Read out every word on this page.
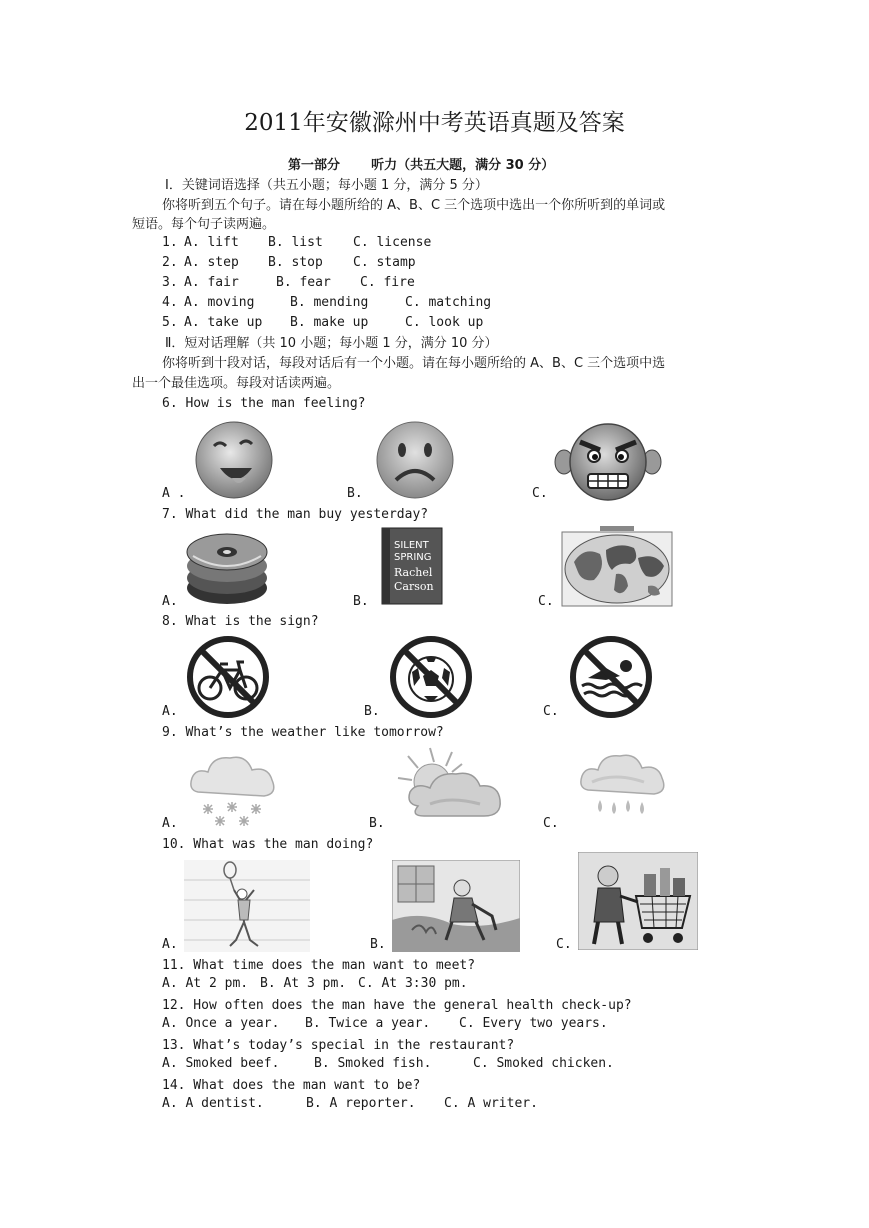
2011年安徽滁州中考英语真题及答案
第一部分 听力（共五大题，满分 30 分）
Ⅰ．关键词语选择（共五小题；每小题 1 分，满分 5 分）
你将听到五个句子。请在每小题所给的 A、B、C 三个选项中选出一个你所听到的单词或
短语。每个句子读两遍。
1. A. lift B. list C. license
2. A. step B. stop C. stamp
3. A. fair	B. fear C. fire
4. A. moving	B. mending	C. matching
5. A. take up B. make up	C. look up
Ⅱ．短对话理解（共 10 小题；每小题 1 分，满分 10 分）
你将听到十段对话，每段对话后有一个小题。请在每小题所给的 A、B、C 三个选项中选
出一个最佳选项。每段对话读两遍。
6. How is the man feeling?
A .	B.	C.
7. What did the man buy yesterday?
SILENT
SPRING
Rachel
Carson
A.	B.	C.
8. What is the sign?
A.	B.	C.
9. What’s the weather like tomorrow?
A.	B.	C.
10. What was the man doing?
A.	B.	C.
11. What time does the man want to meet?
A. At 2 pm. B. At 3 pm. C. At 3:30 pm.
12. How often does the man have the general health check-up?
A. Once a year. B. Twice a year. C. Every two years.
13. What’s today’s special in the restaurant?
A. Smoked beef.	B. Smoked fish.	C. Smoked chicken.
14. What does the man want to be?
A. A dentist.	B. A reporter. C. A writer.
